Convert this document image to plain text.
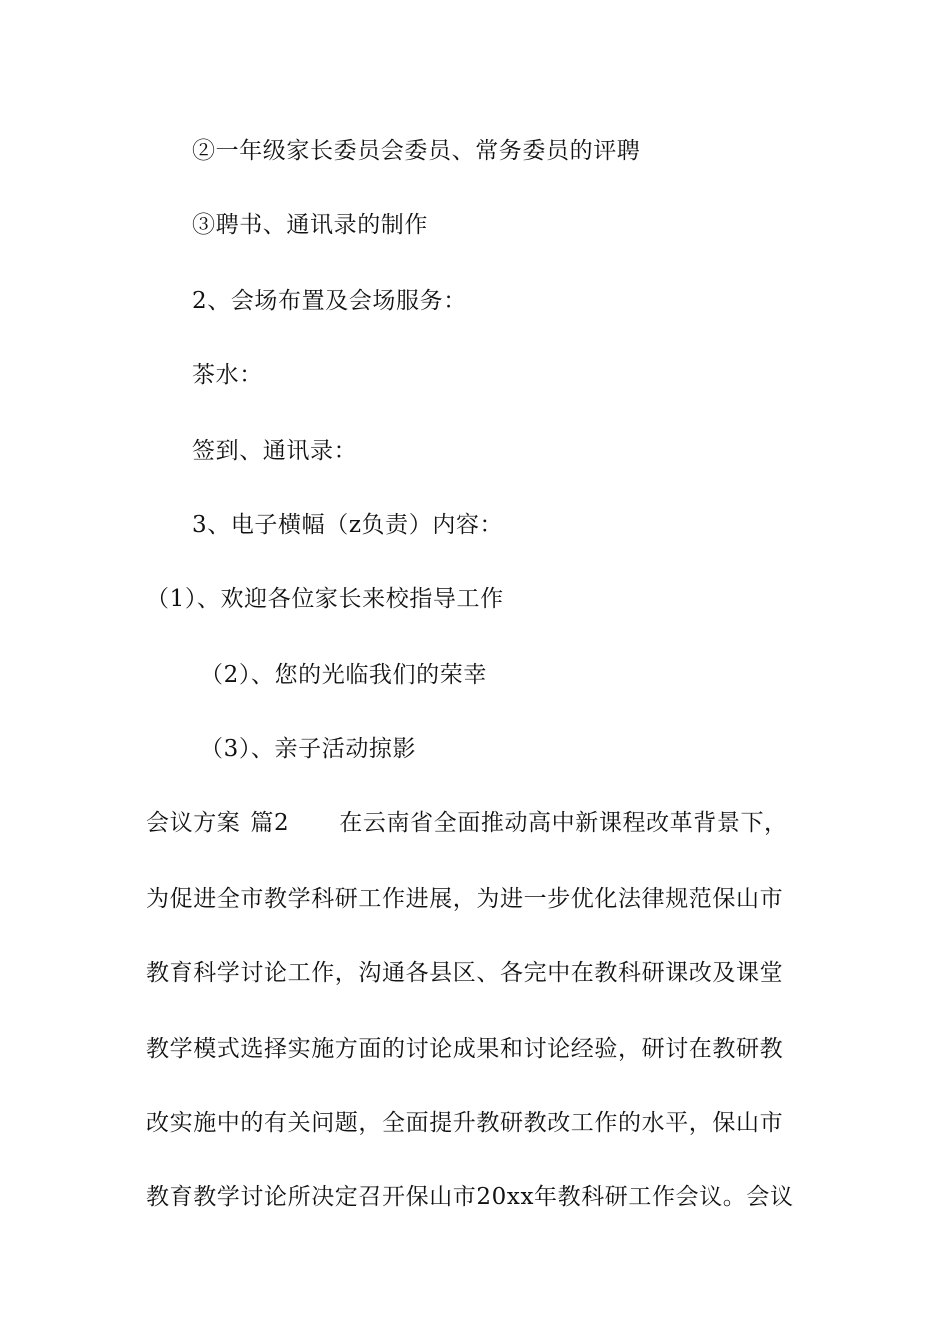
②一年级家长委员会委员、常务委员的评聘
③聘书、通讯录的制作
2、会场布置及会场服务：
茶水：
签到、通讯录：
3、电子横幅（z负责）内容：
（1）、欢迎各位家长来校指导工作
（2）、您的光临我们的荣幸
（3）、亲子活动掠影
会议方案 篇2 在云南省全面推动高中新课程改革背景下，
为促进全市教学科研工作进展，为进一步优化法律规范保山市
教育科学讨论工作，沟通各县区、各完中在教科研课改及课堂
教学模式选择实施方面的讨论成果和讨论经验，研讨在教研教
改实施中的有关问题，全面提升教研教改工作的水平，保山市
教育教学讨论所决定召开保山市20xx年教科研工作会议。会议
